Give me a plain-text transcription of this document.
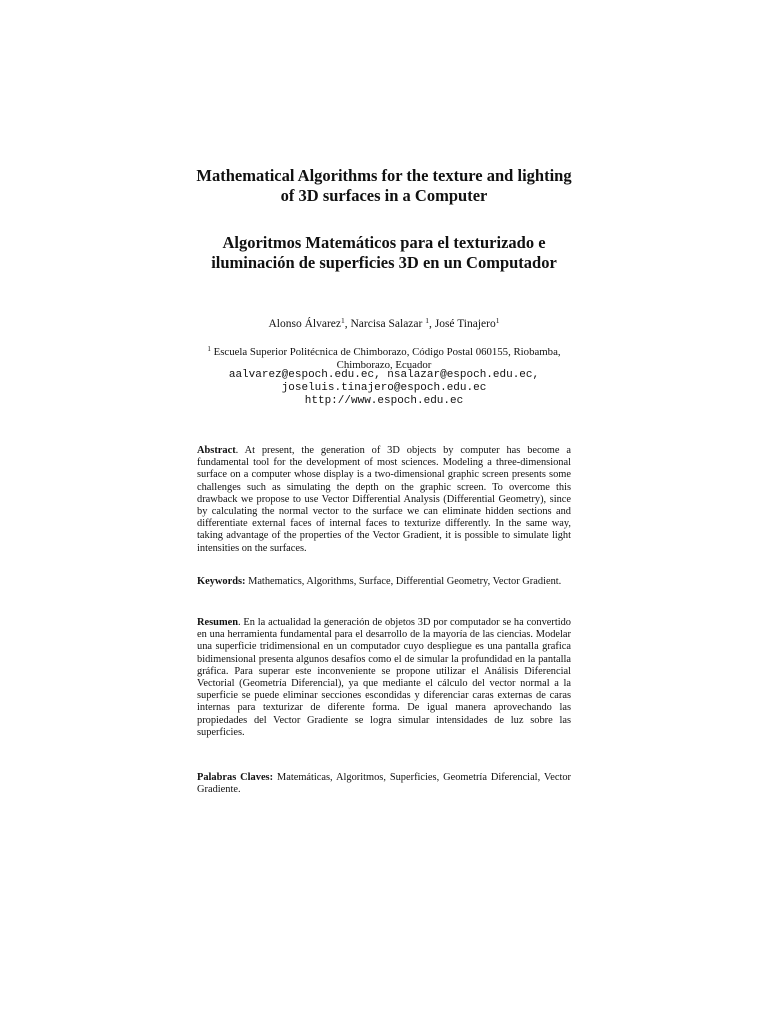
Mathematical Algorithms for the texture and lighting
of 3D surfaces in a Computer
Algoritmos Matemáticos para el texturizado e
iluminación de superficies 3D en un Computador
Alonso Álvarez$^1$, Narcisa Salazar $^1$, José Tinajero$^1$
$^1$ Escuela Superior Politécnica de Chimborazo, Código Postal 060155, Riobamba,
Chimborazo, Ecuador
aalvarez@espoch.edu.ec, nsalazar@espoch.edu.ec,
joseluis.tinajero@espoch.edu.ec
http://www.espoch.edu.ec

Abstract. At present, the generation of 3D objects by computer has become a fundamental tool for the development of most sciences. Modeling a three-dimensional surface on a computer whose display is a two-dimensional graphic screen presents some challenges such as simulating the depth on the graphic screen. To overcome this drawback we propose to use Vector Differential Analysis (Differential Geometry), since by calculating the normal vector to the surface we can eliminate hidden sections and differentiate external faces of internal faces to texturize differently. In the same way, taking advantage of the properties of the Vector Gradient, it is possible to simulate light intensities on the surfaces.

Keywords: Mathematics, Algorithms, Surface, Differential Geometry, Vector Gradient.

Resumen. En la actualidad la generación de objetos 3D por computador se ha convertido en una herramienta fundamental para el desarrollo de la mayoría de las ciencias. Modelar una superficie tridimensional en un computador cuyo despliegue es una pantalla grafica bidimensional presenta algunos desafíos como el de simular la profundidad en la pantalla gráfica. Para superar este inconveniente se propone utilizar el Análisis Diferencial Vectorial (Geometría Diferencial), ya que mediante el cálculo del vector normal a la superficie se puede eliminar secciones escondidas y diferenciar caras externas de caras internas para texturizar de diferente forma. De igual manera aprovechando las propiedades del Vector Gradiente se logra simular intensidades de luz sobre las superficies.

Palabras Claves: Matemáticas, Algoritmos, Superficies, Geometría Diferencial, Vector Gradiente.
